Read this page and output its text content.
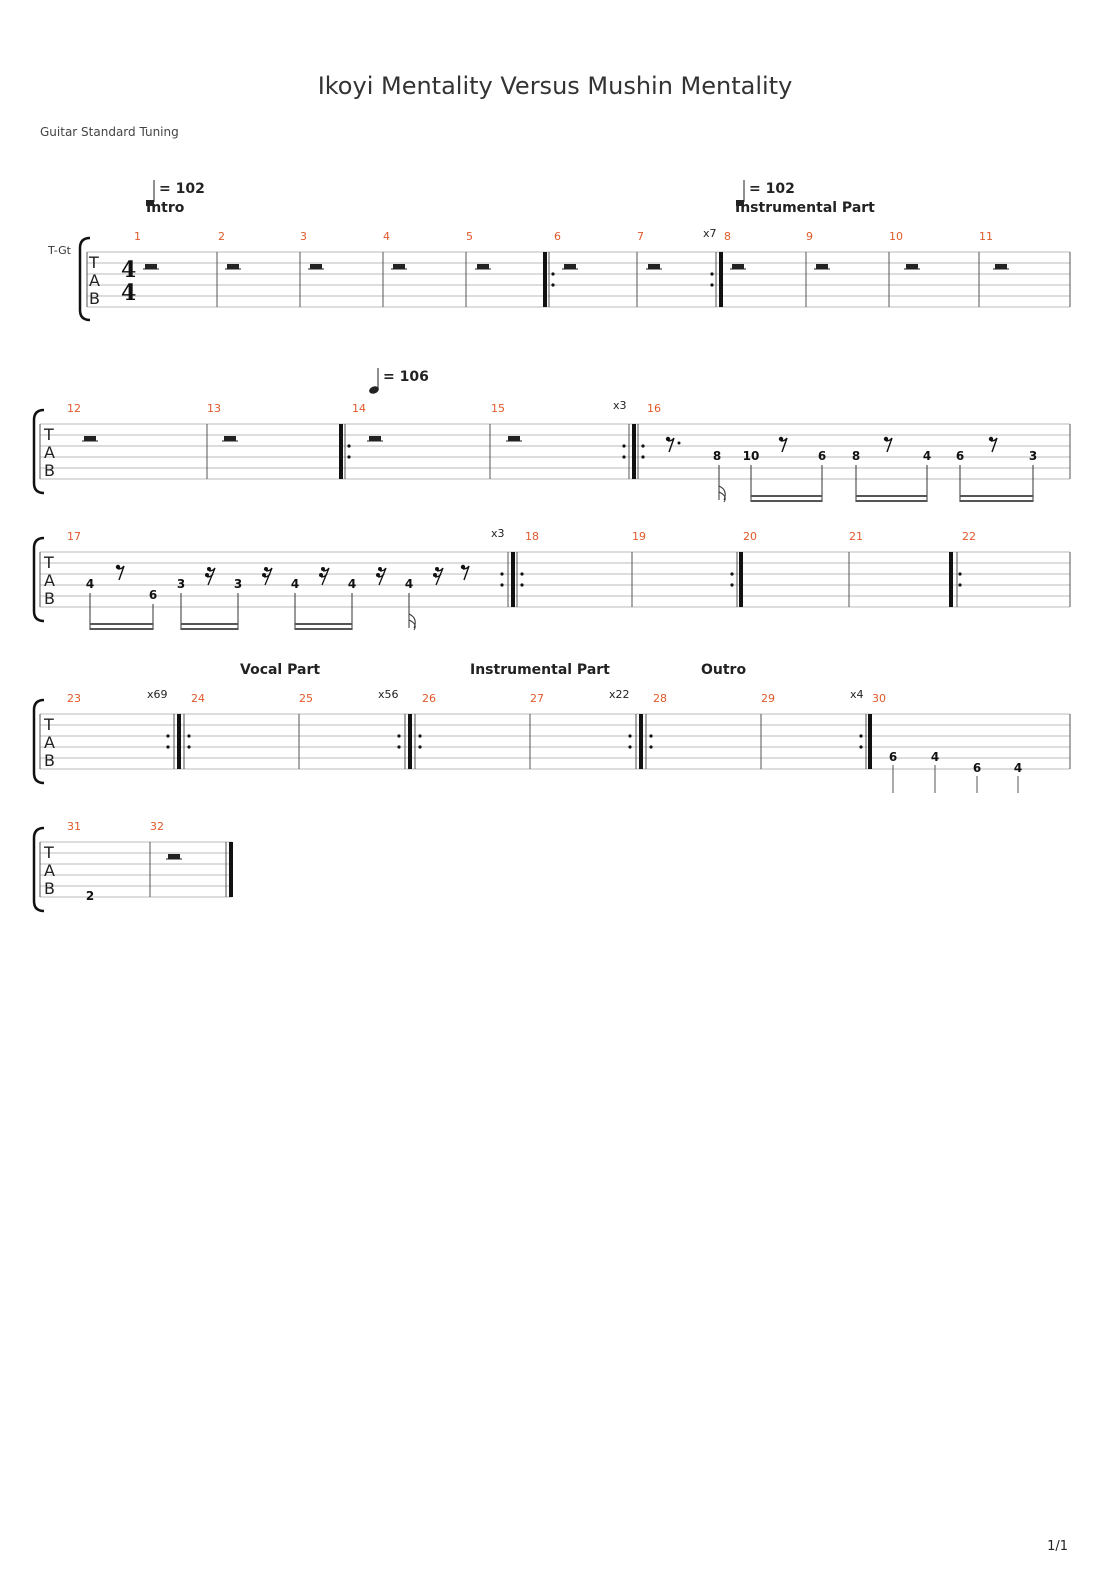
Ikoyi Mentality Versus Mushin Mentality
Guitar Standard Tuning
1/1
T-Gt
T
A
B
4
4
1	2	3	4	5	6	7	8	9	10	11
= 102
Intro
= 102
Instrumental Part
x7
T
A
B
12	13	14	15	16
= 106
x3
8 10	6 8	4 6	3
T
A
B
17	18	19	20	21	22
x3
4
6
3	3	4	4	4
Vocal Part	Instrumental Part	Outro
T
A
B
23	24	25	26	27	28	29	30
x69	x56	x22	x4
6	4
6	4
T
A
B
31	32
2
